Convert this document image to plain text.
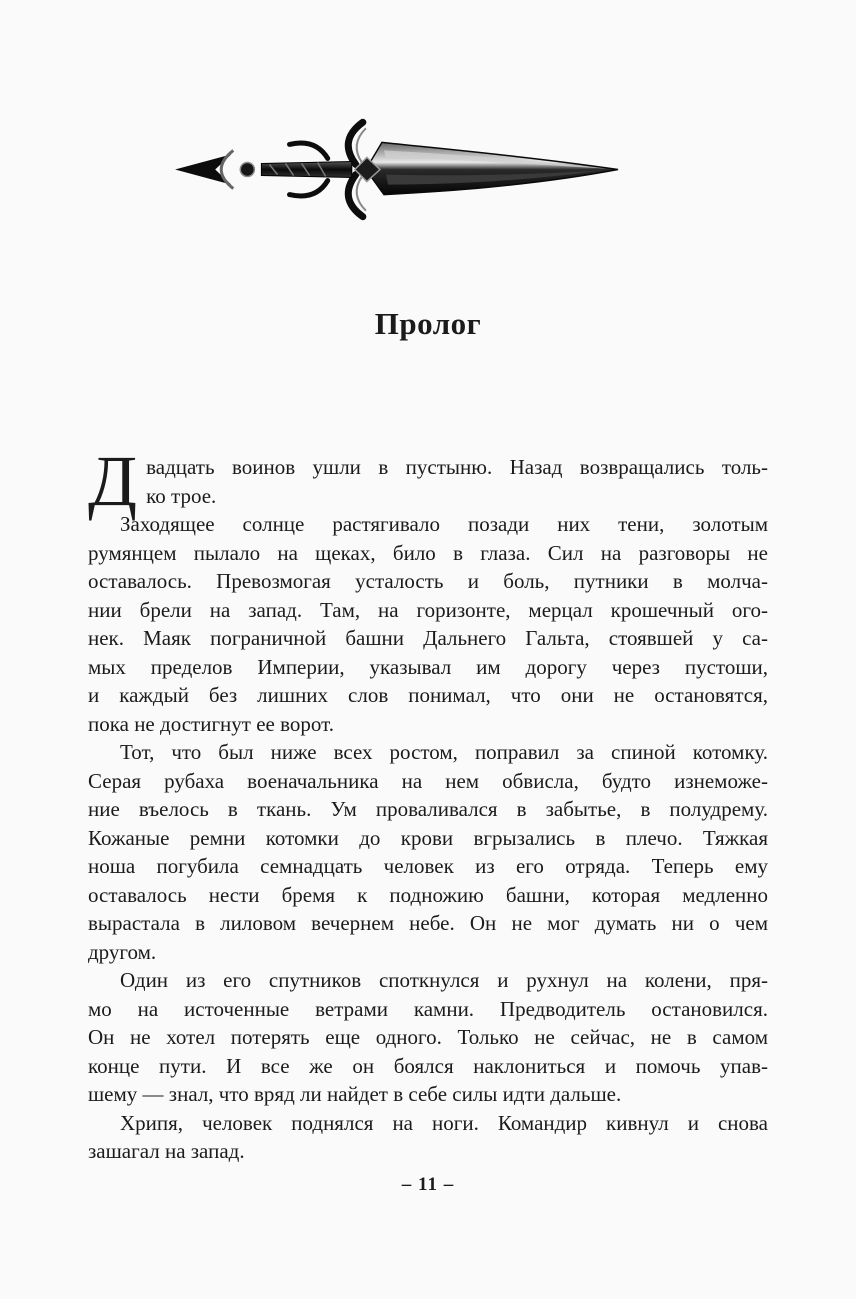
Пролог
Д вадцать воинов ушли в пустыню. Назад возвращались толь-
ко трое.
Заходящее солнце растягивало позади них тени, золотым
румянцем пылало на щеках, било в глаза. Сил на разговоры не
оставалось. Превозмогая усталость и боль, путники в молча-
нии брели на запад. Там, на горизонте, мерцал крошечный ого-
нек. Маяк пограничной башни Дальнего Гальта, стоявшей у са-
мых пределов Империи, указывал им дорогу через пустоши,
и каждый без лишних слов понимал, что они не остановятся,
пока не достигнут ее ворот.
Тот, что был ниже всех ростом, поправил за спиной котомку.
Серая рубаха военачальника на нем обвисла, будто изнеможе-
ние въелось в ткань. Ум проваливался в забытье, в полудрему.
Кожаные ремни котомки до крови вгрызались в плечо. Тяжкая
ноша погубила семнадцать человек из его отряда. Теперь ему
оставалось нести бремя к подножию башни, которая медленно
вырастала в лиловом вечернем небе. Он не мог думать ни о чем
другом.
Один из его спутников споткнулся и рухнул на колени, пря-
мо на источенные ветрами камни. Предводитель остановился.
Он не хотел потерять еще одного. Только не сейчас, не в самом
конце пути. И все же он боялся наклониться и помочь упав-
шему — знал, что вряд ли найдет в себе силы идти дальше.
Хрипя, человек поднялся на ноги. Командир кивнул и снова
зашагал на запад.
– 11 –
